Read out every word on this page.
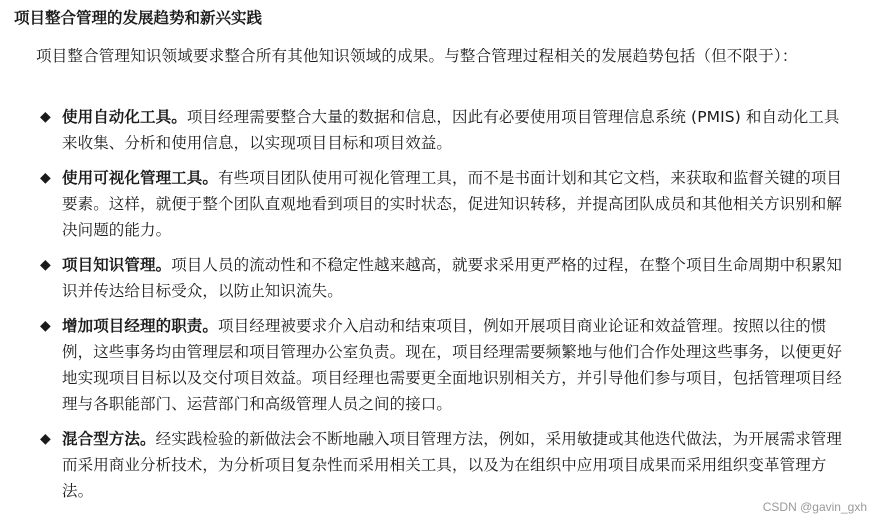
项目整合管理的发展趋势和新兴实践
项目整合管理知识领域要求整合所有其他知识领域的成果。与整合管理过程相关的发展趋势包括（但不限于）：
◆ 使用自动化工具。项目经理需要整合大量的数据和信息，因此有必要使用项目管理信息系统 (PMIS) 和自动化工具来收集、分析和使用信息，以实现项目目标和项目效益。
◆ 使用可视化管理工具。有些项目团队使用可视化管理工具，而不是书面计划和其它文档，来获取和监督关键的项目要素。这样，就便于整个团队直观地看到项目的实时状态，促进知识转移，并提高团队成员和其他相关方识别和解决问题的能力。
◆ 项目知识管理。项目人员的流动性和不稳定性越来越高，就要求采用更严格的过程，在整个项目生命周期中积累知识并传达给目标受众，以防止知识流失。
◆ 增加项目经理的职责。项目经理被要求介入启动和结束项目，例如开展项目商业论证和效益管理。按照以往的惯例，这些事务均由管理层和项目管理办公室负责。现在，项目经理需要频繁地与他们合作处理这些事务，以便更好地实现项目目标以及交付项目效益。项目经理也需要更全面地识别相关方，并引导他们参与项目，包括管理项目经理与各职能部门、运营部门和高级管理人员之间的接口。
◆ 混合型方法。经实践检验的新做法会不断地融入项目管理方法，例如，采用敏捷或其他迭代做法，为开展需求管理而采用商业分析技术，为分析项目复杂性而采用相关工具，以及为在组织中应用项目成果而采用组织变革管理方法。
CSDN @gavin_gxh
